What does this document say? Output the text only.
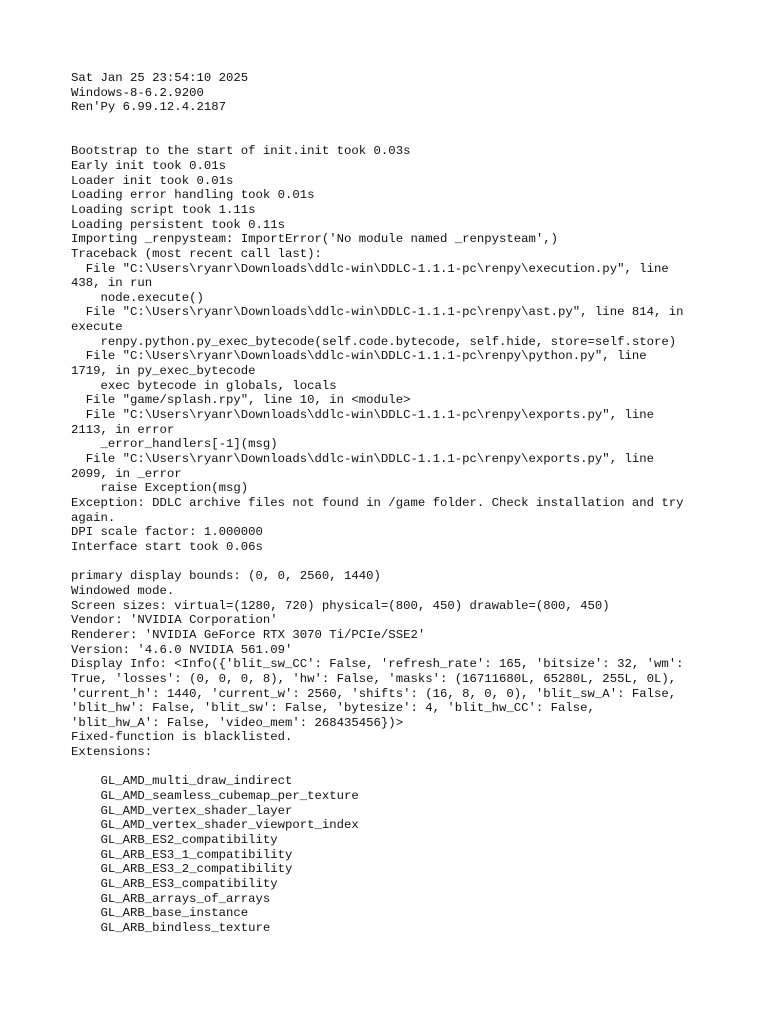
Sat Jan 25 23:54:10 2025
Windows-8-6.2.9200
Ren'Py 6.99.12.4.2187
Bootstrap to the start of init.init took 0.03s
Early init took 0.01s
Loader init took 0.01s
Loading error handling took 0.01s
Loading script took 1.11s
Loading persistent took 0.11s
Importing _renpysteam: ImportError('No module named _renpysteam',)
Traceback (most recent call last):
File "C:\Users\ryanr\Downloads\ddlc-win\DDLC-1.1.1-pc\renpy\execution.py", line
438, in run
node.execute()
File "C:\Users\ryanr\Downloads\ddlc-win\DDLC-1.1.1-pc\renpy\ast.py", line 814, in
execute
renpy.python.py_exec_bytecode(self.code.bytecode, self.hide, store=self.store)
File "C:\Users\ryanr\Downloads\ddlc-win\DDLC-1.1.1-pc\renpy\python.py", line
1719, in py_exec_bytecode
exec bytecode in globals, locals
File "game/splash.rpy", line 10, in <module>
File "C:\Users\ryanr\Downloads\ddlc-win\DDLC-1.1.1-pc\renpy\exports.py", line
2113, in error
_error_handlers[-1](msg)
File "C:\Users\ryanr\Downloads\ddlc-win\DDLC-1.1.1-pc\renpy\exports.py", line
2099, in _error
raise Exception(msg)
Exception: DDLC archive files not found in /game folder. Check installation and try
again.
DPI scale factor: 1.000000
Interface start took 0.06s
primary display bounds: (0, 0, 2560, 1440)
Windowed mode.
Screen sizes: virtual=(1280, 720) physical=(800, 450) drawable=(800, 450)
Vendor: 'NVIDIA Corporation'
Renderer: 'NVIDIA GeForce RTX 3070 Ti/PCIe/SSE2'
Version: '4.6.0 NVIDIA 561.09'
Display Info: <Info({'blit_sw_CC': False, 'refresh_rate': 165, 'bitsize': 32, 'wm':
True, 'losses': (0, 0, 0, 8), 'hw': False, 'masks': (16711680L, 65280L, 255L, 0L),
'current_h': 1440, 'current_w': 2560, 'shifts': (16, 8, 0, 0), 'blit_sw_A': False,
'blit_hw': False, 'blit_sw': False, 'bytesize': 4, 'blit_hw_CC': False,
'blit_hw_A': False, 'video_mem': 268435456})>
Fixed-function is blacklisted.
Extensions:
GL_AMD_multi_draw_indirect
GL_AMD_seamless_cubemap_per_texture
GL_AMD_vertex_shader_layer
GL_AMD_vertex_shader_viewport_index
GL_ARB_ES2_compatibility
GL_ARB_ES3_1_compatibility
GL_ARB_ES3_2_compatibility
GL_ARB_ES3_compatibility
GL_ARB_arrays_of_arrays
GL_ARB_base_instance
GL_ARB_bindless_texture
